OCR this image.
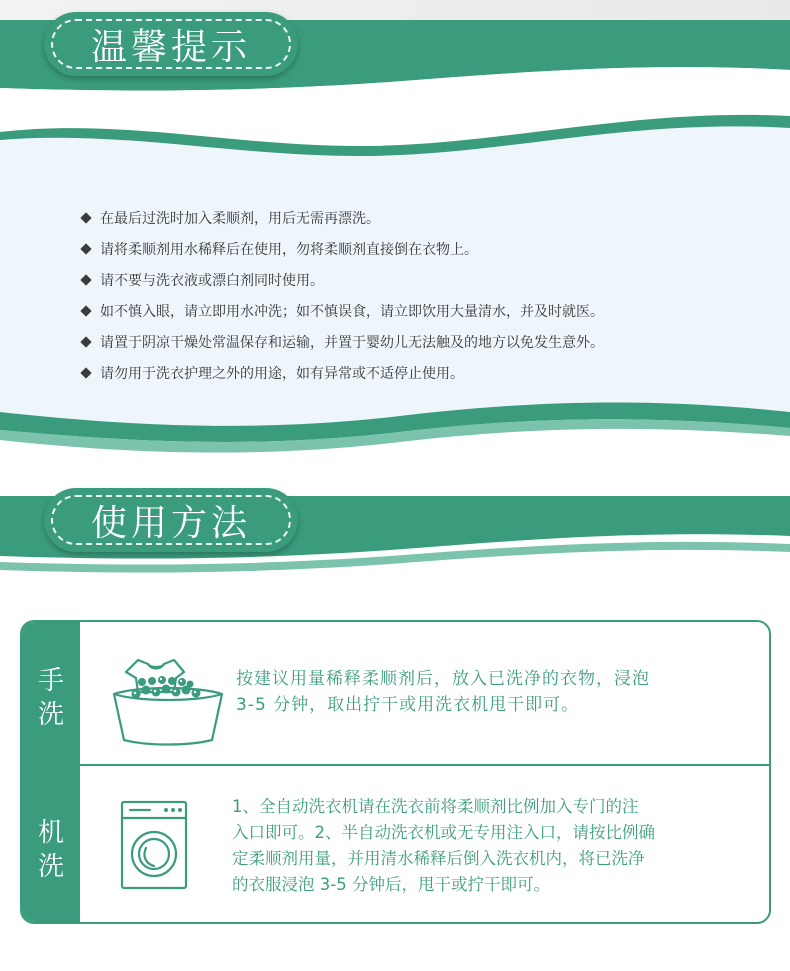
温馨提示
在最后过洗时加入柔顺剂，用后无需再漂洗。
请将柔顺剂用水稀释后在使用，勿将柔顺剂直接倒在衣物上。
请不要与洗衣液或漂白剂同时使用。
如不慎入眼，请立即用水冲洗；如不慎误食，请立即饮用大量清水，并及时就医。
请置于阴凉干燥处常温保存和运输，并置于婴幼儿无法触及的地方以免发生意外。
请勿用于洗衣护理之外的用途，如有异常或不适停止使用。
使用方法
手
洗
按建议用量稀释柔顺剂后，放入已洗净的衣物，浸泡
3-5 分钟，取出拧干或用洗衣机甩干即可。
机
洗
1、全自动洗衣机请在洗衣前将柔顺剂比例加入专门的注
入口即可。2、半自动洗衣机或无专用注入口，请按比例确
定柔顺剂用量，并用清水稀释后倒入洗衣机内，将已洗净
的衣服浸泡 3-5 分钟后，甩干或拧干即可。
